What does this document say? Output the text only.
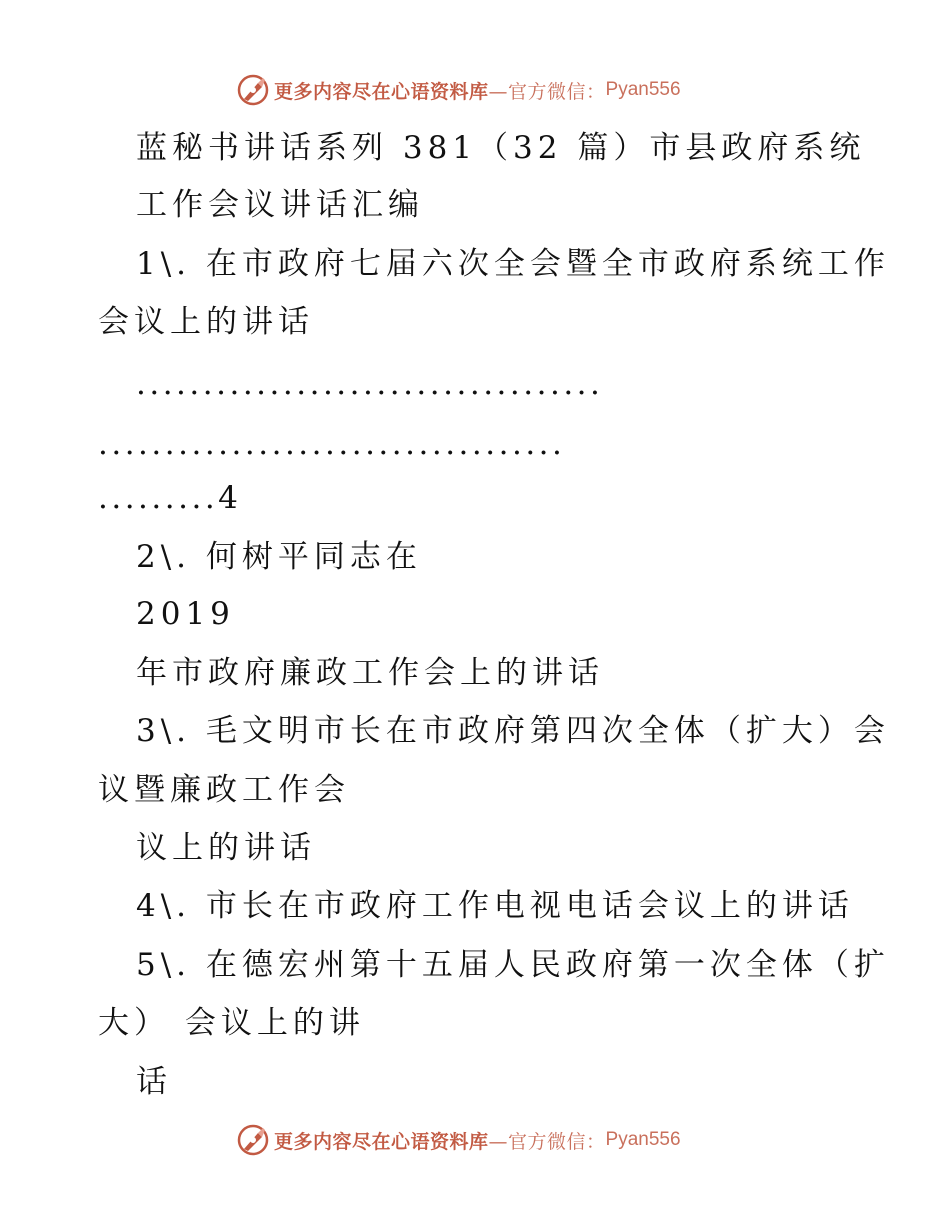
更多内容尽在心语资料库—官方微信： Pyan556
蓝秘书讲话系列 381（32 篇）市县政府系统
工作会议讲话汇编
1\. 在市政府七届六次全会暨全市政府系统工作
会议上的讲话
...................................
...................................
.........4
2\. 何树平同志在
2019
年市政府廉政工作会上的讲话
3\. 毛文明市长在市政府第四次全体（扩大）会
议暨廉政工作会
议上的讲话
4\. 市长在市政府工作电视电话会议上的讲话
5\. 在德宏州第十五届人民政府第一次全体（扩
大） 会议上的讲
话
更多内容尽在心语资料库—官方微信： Pyan556
